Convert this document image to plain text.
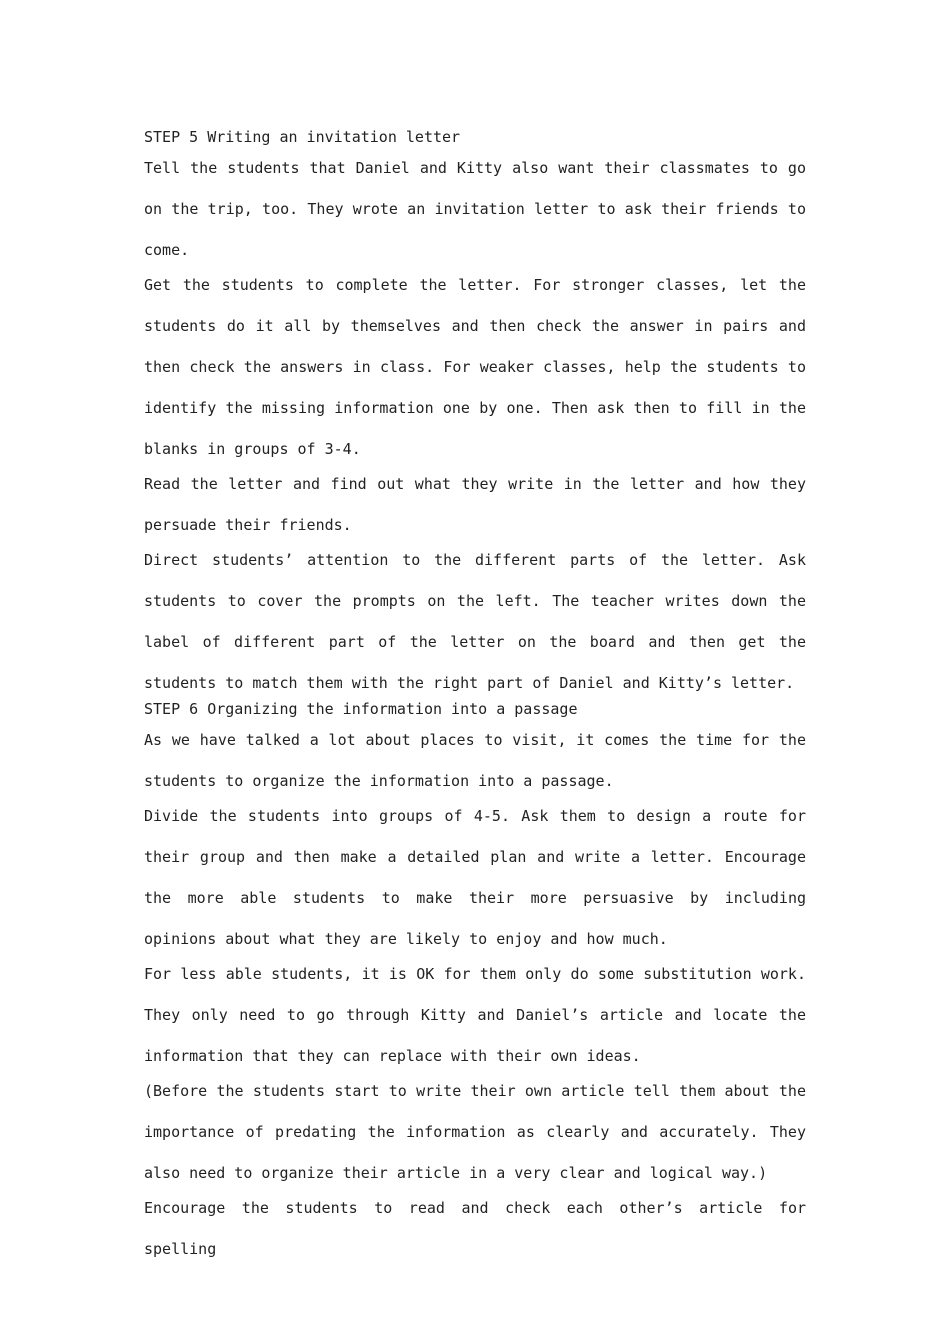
STEP 5 Writing an invitation letter

Tell the students that Daniel and Kitty also want their classmates to go on the trip, too. They wrote an invitation letter to ask their friends to come.

Get the students to complete the letter. For stronger classes, let the students do it all by themselves and then check the answer in pairs and then check the answers in class. For weaker classes, help the students to identify the missing information one by one. Then ask then to fill in the blanks in groups of 3-4.

Read the letter and find out what they write in the letter and how they persuade their friends.

Direct students’ attention to the different parts of the letter. Ask students to cover the prompts on the left. The teacher writes down the label of different part of the letter on the board and then get the students to match them with the right part of Daniel and Kitty’s letter.

STEP 6 Organizing the information into a passage

As we have talked a lot about places to visit, it comes the time for the students to organize the information into a passage.

Divide the students into groups of 4-5. Ask them to design a route for their group and then make a detailed plan and write a letter. Encourage the more able students to make their more persuasive by including opinions about what they are likely to enjoy and how much.

For less able students, it is OK for them only do some substitution work. They only need to go through Kitty and Daniel’s article and locate the information that they can replace with their own ideas.

(Before the students start to write their own article tell them about the importance of predating the information as clearly and accurately. They also need to organize their article in a very clear and logical way.)

Encourage the students to read and check each other’s article for spelling
